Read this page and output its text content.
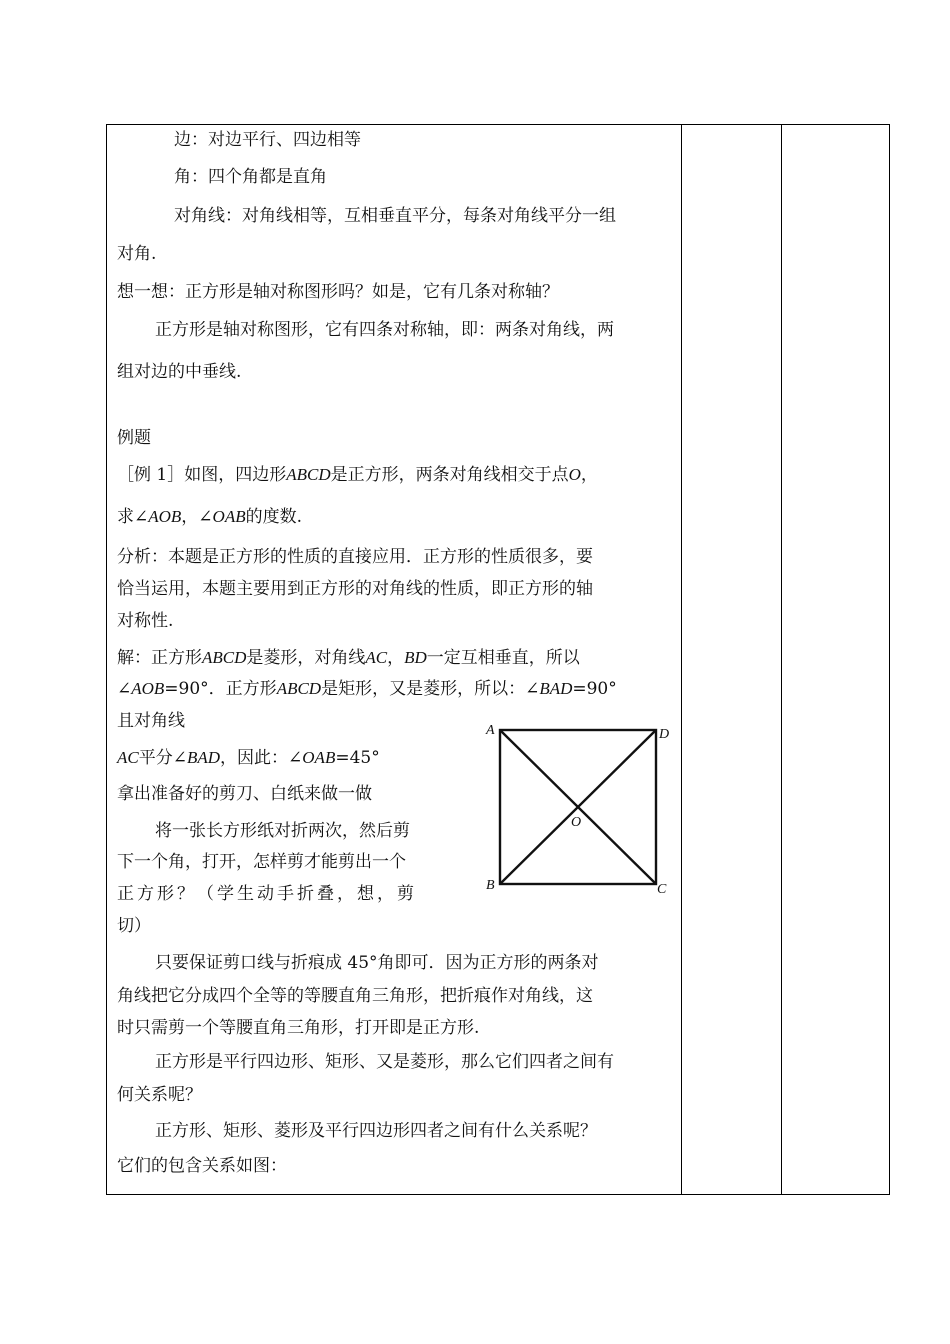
边：对边平行、四边相等
角：四个角都是直角
对角线：对角线相等，互相垂直平分，每条对角线平分一组
对角.
想一想：正方形是轴对称图形吗？如是，它有几条对称轴？
正方形是轴对称图形，它有四条对称轴，即：两条对角线，两
组对边的中垂线.
例题
［例 1］如图，四边形ABCD是正方形，两条对角线相交于点O，
求∠AOB，∠OAB的度数.
分析：本题是正方形的性质的直接应用．正方形的性质很多，要
恰当运用，本题主要用到正方形的对角线的性质，即正方形的轴
对称性.
解：正方形ABCD是菱形，对角线AC，BD一定互相垂直，所以
∠AOB=90°．正方形ABCD是矩形，又是菱形，所以：∠BAD=90°
且对角线
AC平分∠BAD，因此：∠OAB=45°
拿出准备好的剪刀、白纸来做一做
将一张长方形纸对折两次，然后剪
下一个角，打开，怎样剪才能剪出一个
正方形？（学生动手折叠，想，剪
切）
只要保证剪口线与折痕成 45°角即可．因为正方形的两条对
角线把它分成四个全等的等腰直角三角形，把折痕作对角线，这
时只需剪一个等腰直角三角形，打开即是正方形.
正方形是平行四边形、矩形、又是菱形，那么它们四者之间有
何关系呢？
正方形、矩形、菱形及平行四边形四者之间有什么关系呢？
它们的包含关系如图：
A	D
O
B	C
